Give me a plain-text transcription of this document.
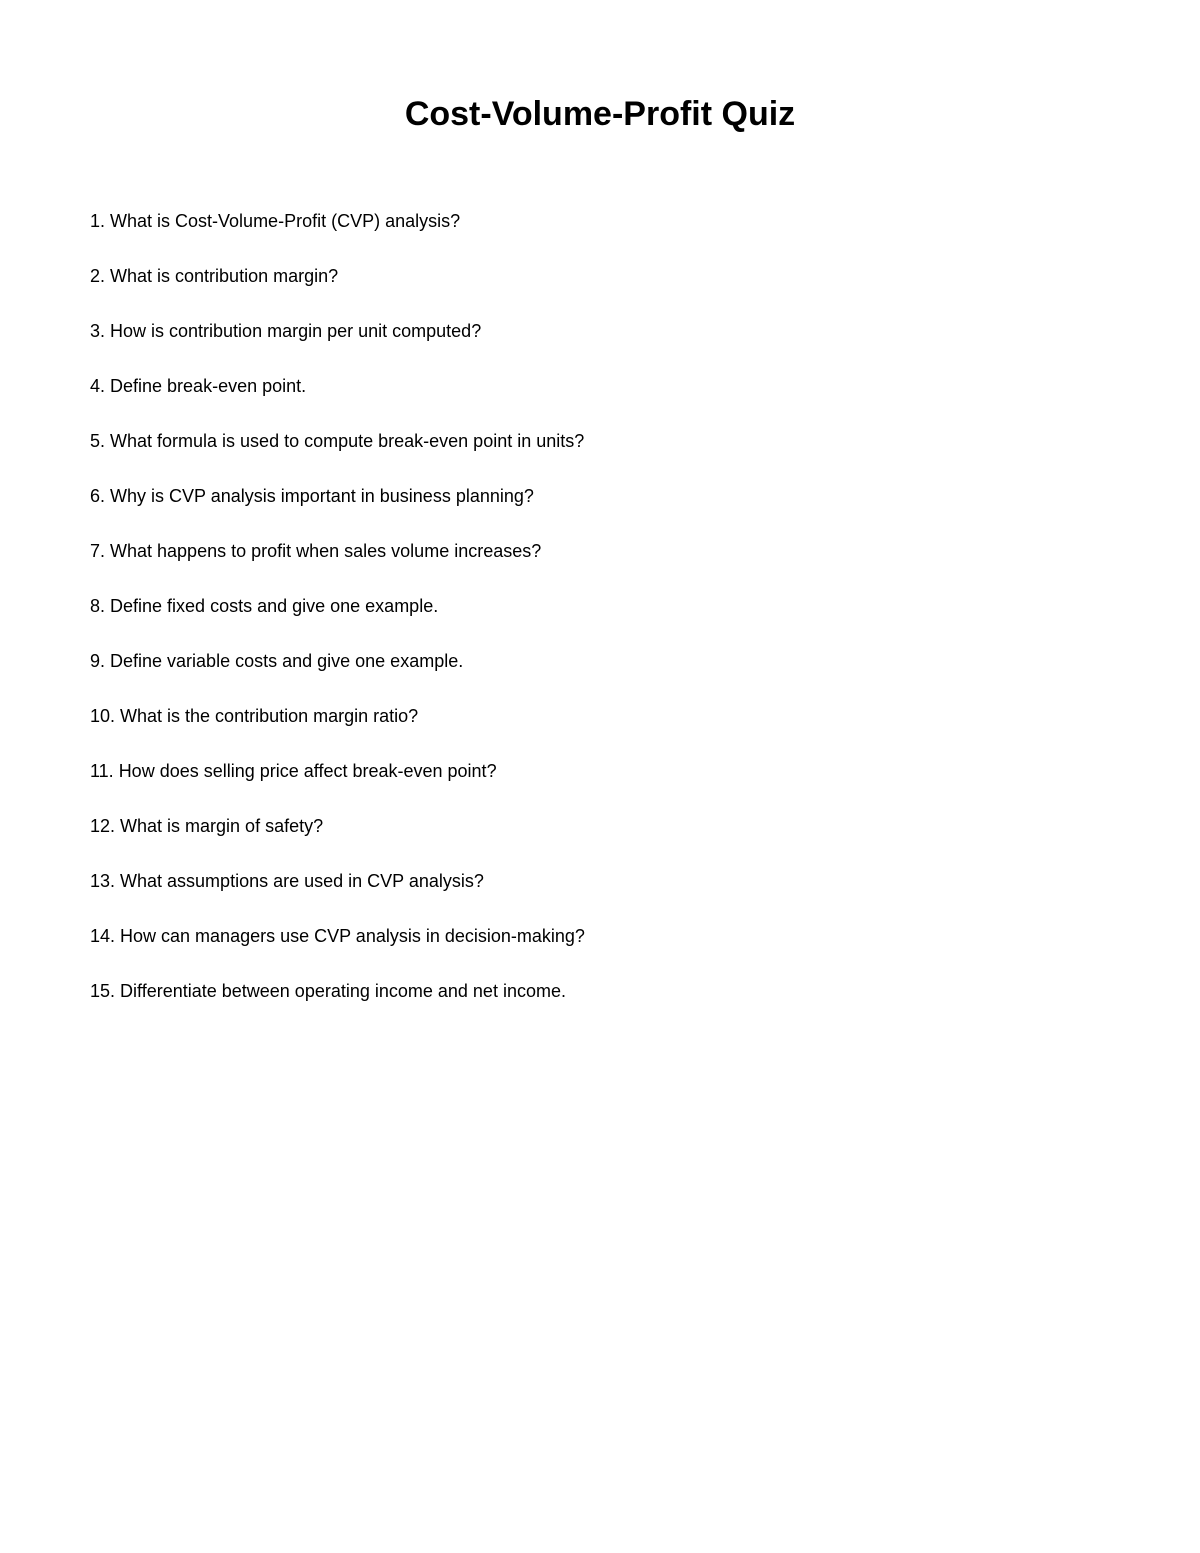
Cost-Volume-Profit Quiz
1. What is Cost-Volume-Profit (CVP) analysis?
2. What is contribution margin?
3. How is contribution margin per unit computed?
4. Define break-even point.
5. What formula is used to compute break-even point in units?
6. Why is CVP analysis important in business planning?
7. What happens to profit when sales volume increases?
8. Define fixed costs and give one example.
9. Define variable costs and give one example.
10. What is the contribution margin ratio?
11. How does selling price affect break-even point?
12. What is margin of safety?
13. What assumptions are used in CVP analysis?
14. How can managers use CVP analysis in decision-making?
15. Differentiate between operating income and net income.
